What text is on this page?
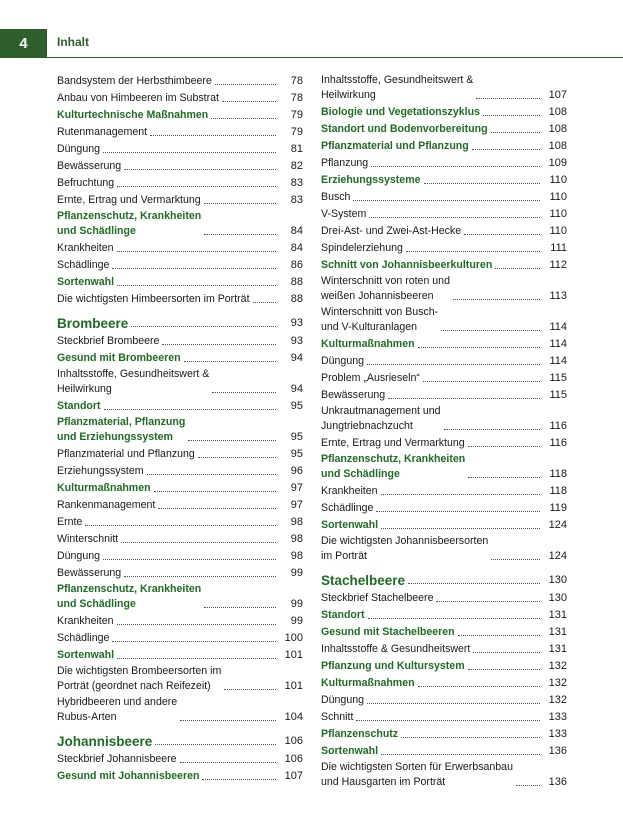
4	Inhalt
Bandsystem der Herbsthimbeere	78
Anbau von Himbeeren im Substrat	78
Kulturtechnische Maßnahmen	79
Rutenmanagement	79
Düngung	81
Bewässerung	82
Befruchtung	83
Ernte, Ertrag und Vermarktung	83
Pflanzenschutz, Krankheiten
und Schädlinge	84
Krankheiten	84
Schädlinge	86
Sortenwahl	88
Die wichtigsten Himbeersorten im Porträt	88
Brombeere	93
Steckbrief Brombeere	93
Gesund mit Brombeeren	94
Inhaltsstoffe, Gesundheitswert &
Heilwirkung	94
Standort	95
Pflanzmaterial, Pflanzung
und Erziehungssystem	95
Pflanzmaterial und Pflanzung	95
Erziehungssystem	96
Kulturmaßnahmen	97
Rankenmanagement	97
Ernte	98
Winterschnitt	98
Düngung	98
Bewässerung	99
Pflanzenschutz, Krankheiten
und Schädlinge	99
Krankheiten	99
Schädlinge	100
Sortenwahl	101
Die wichtigsten Brombeersorten im
Porträt (geordnet nach Reifezeit)	101
Hybridbeeren und andere
Rubus-Arten	104
Johannisbeere	106
Steckbrief Johannisbeere	106
Gesund mit Johannisbeeren	107
Inhaltsstoffe, Gesundheitswert &
Heilwirkung	107
Biologie und Vegetationszyklus	108
Standort und Bodenvorbereitung	108
Pflanzmaterial und Pflanzung	108
Pflanzung	109
Erziehungssysteme	110
Busch	110
V-System	110
Drei-Ast- und Zwei-Ast-Hecke	110
Spindelerziehung	111
Schnitt von Johannisbeerkulturen	112
Winterschnitt von roten und
weißen Johannisbeeren	113
Winterschnitt von Busch-
und V-Kulturanlagen	114
Kulturmaßnahmen	114
Düngung	114
Problem „Ausrieseln“	115
Bewässerung	115
Unkrautmanagement und
Jungtriebnachzucht	116
Ernte, Ertrag und Vermarktung	116
Pflanzenschutz, Krankheiten
und Schädlinge	118
Krankheiten	118
Schädlinge	119
Sortenwahl	124
Die wichtigsten Johannisbeersorten
im Porträt	124
Stachelbeere	130
Steckbrief Stachelbeere	130
Standort	131
Gesund mit Stachelbeeren	131
Inhaltsstoffe & Gesundheitswert	131
Pflanzung und Kultursystem	132
Kulturmaßnahmen	132
Düngung	132
Schnitt	133
Pflanzenschutz	133
Sortenwahl	136
Die wichtigsten Sorten für Erwerbsanbau
und Hausgarten im Porträt	136
